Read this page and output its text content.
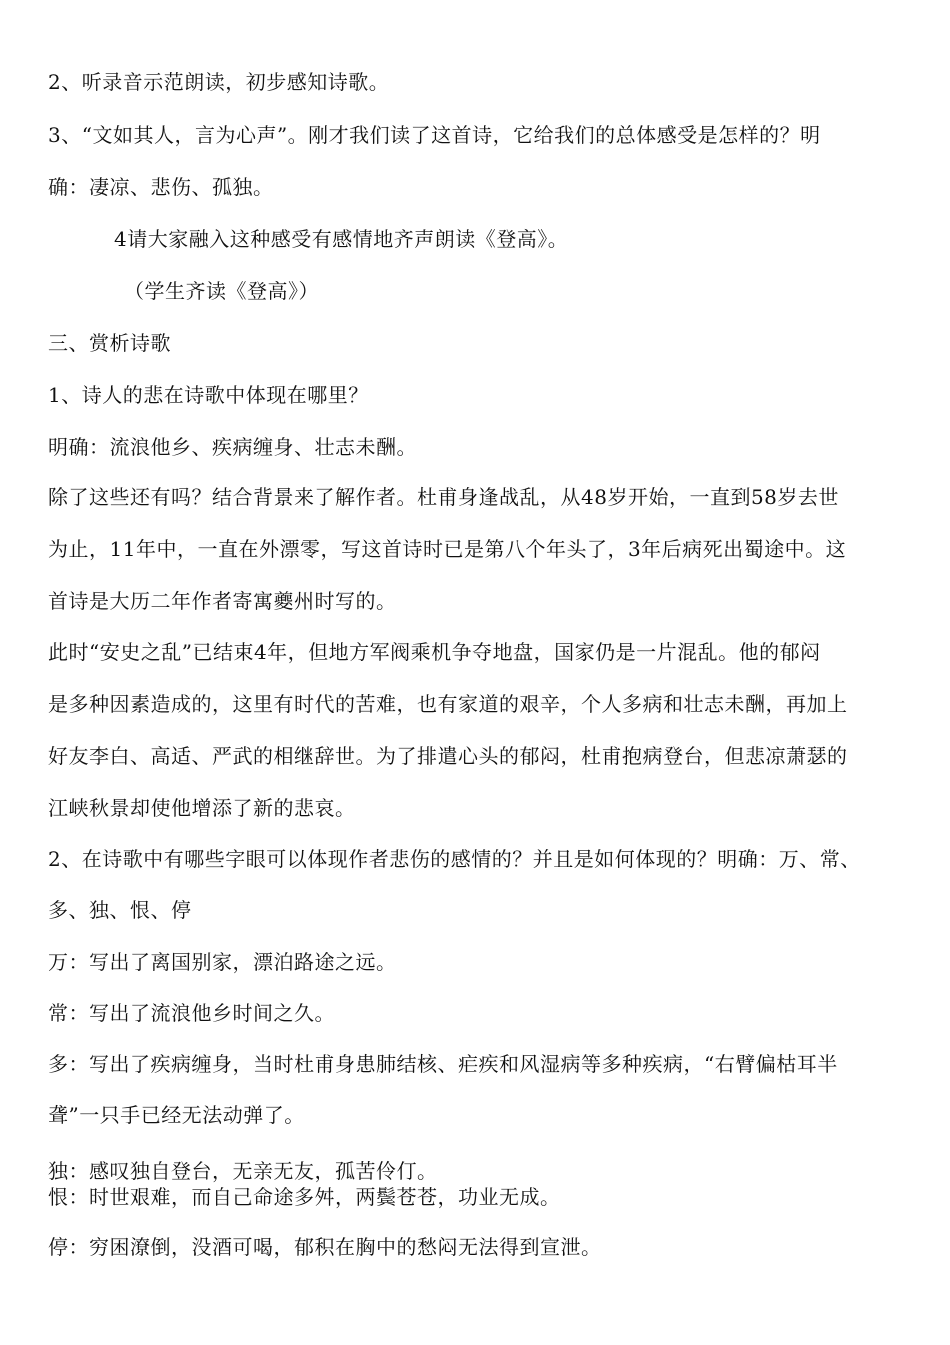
2、听录音示范朗读，初步感知诗歌。

3、“文如其人，言为心声”。刚才我们读了这首诗，它给我们的总体感受是怎样的？明

确：凄凉、悲伤、孤独。

4请大家融入这种感受有感情地齐声朗读《登高》。

（学生齐读《登高》）

三、赏析诗歌

1、诗人的悲在诗歌中体现在哪里？

明确：流浪他乡、疾病缠身、壮志未酬。

除了这些还有吗？结合背景来了解作者。杜甫身逢战乱，从48岁开始，一直到58岁去世

为止，11年中，一直在外漂零，写这首诗时已是第八个年头了，3年后病死出蜀途中。这

首诗是大历二年作者寄寓夔州时写的。

此时“安史之乱”已结束4年，但地方军阀乘机争夺地盘，国家仍是一片混乱。他的郁闷

是多种因素造成的，这里有时代的苦难，也有家道的艰辛，个人多病和壮志未酬，再加上

好友李白、高适、严武的相继辞世。为了排遣心头的郁闷，杜甫抱病登台，但悲凉萧瑟的

江峡秋景却使他增添了新的悲哀。

2、在诗歌中有哪些字眼可以体现作者悲伤的感情的？并且是如何体现的？明确：万、常、

多、独、恨、停

万：写出了离国别家，漂泊路途之远。

常：写出了流浪他乡时间之久。

多：写出了疾病缠身，当时杜甫身患肺结核、疟疾和风湿病等多种疾病，“右臂偏枯耳半

聋”一只手已经无法动弹了。

独：感叹独自登台，无亲无友，孤苦伶仃。

恨：时世艰难，而自己命途多舛，两鬓苍苍，功业无成。

停：穷困潦倒，没酒可喝，郁积在胸中的愁闷无法得到宣泄。
